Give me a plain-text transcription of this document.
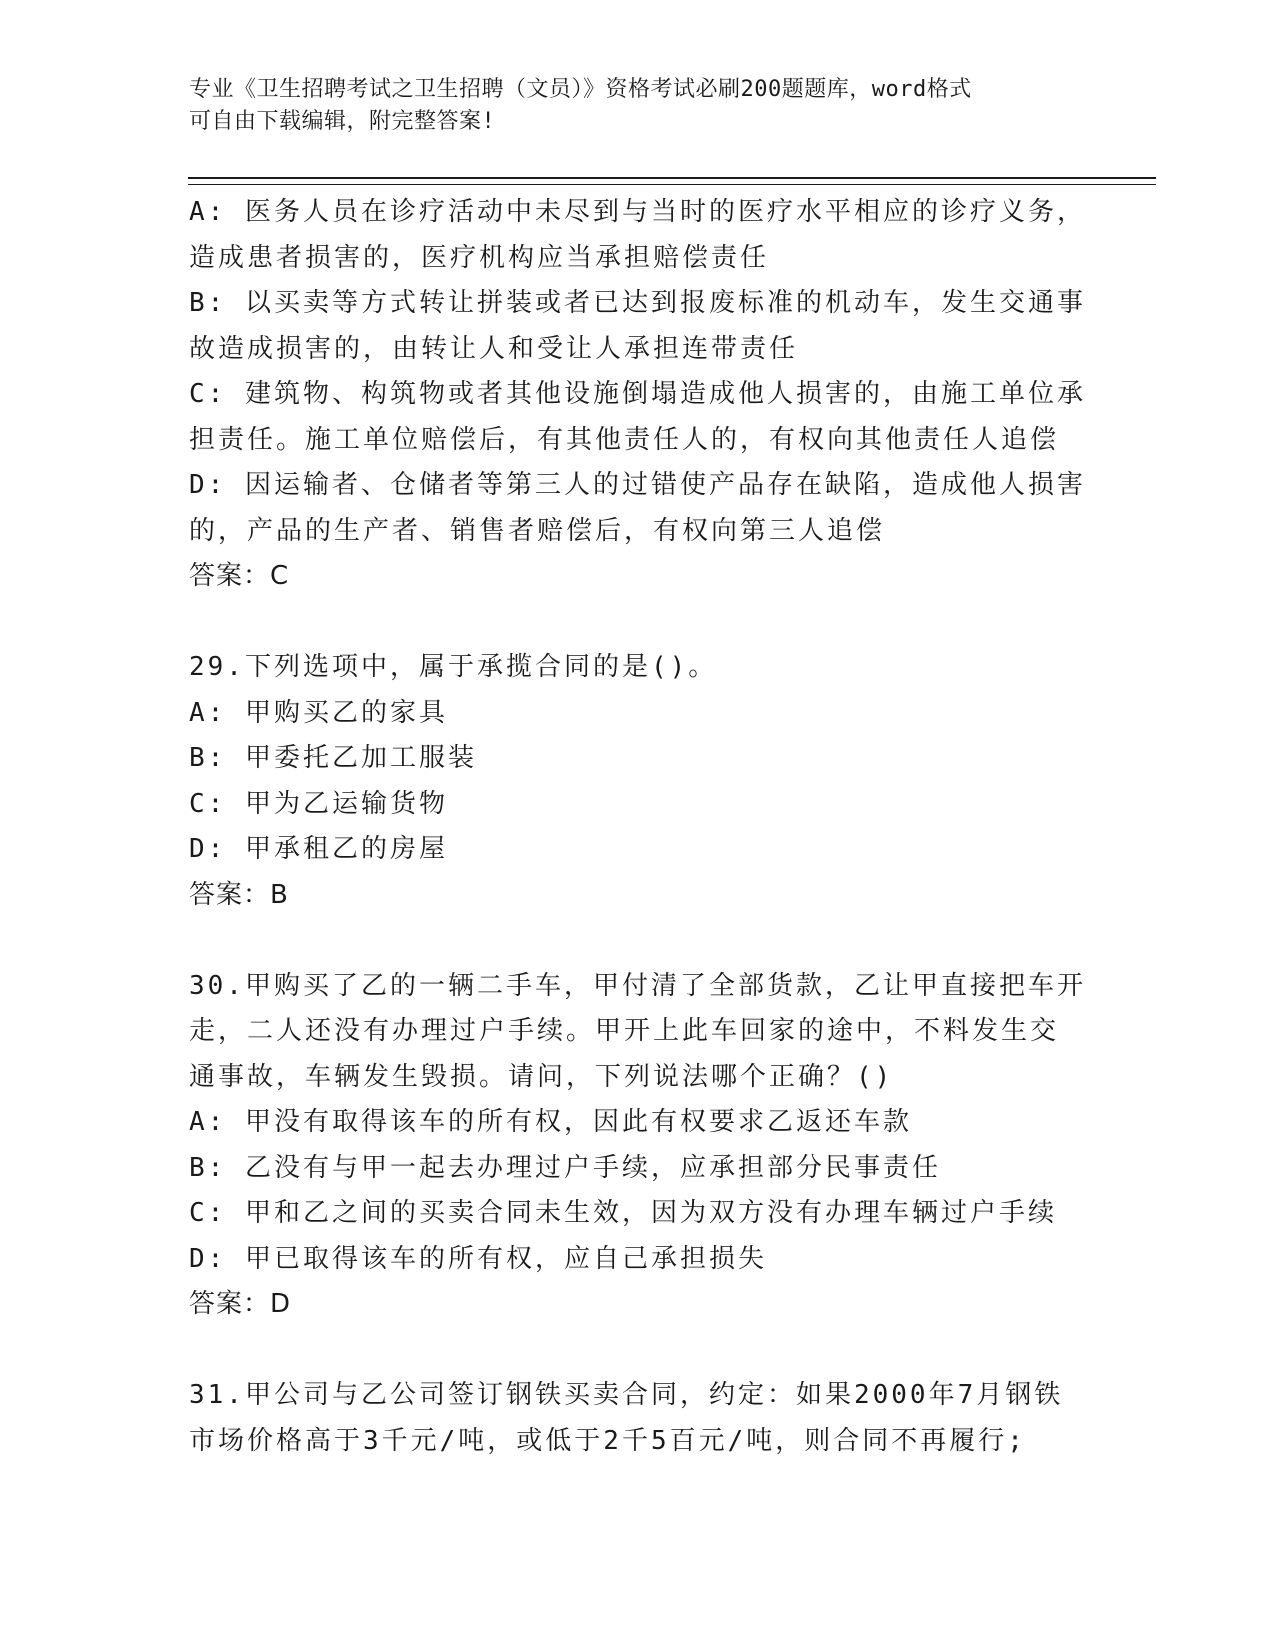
专业《卫生招聘考试之卫生招聘（文员）》资格考试必刷200题题库，word格式
可自由下载编辑，附完整答案!
A: 医务人员在诊疗活动中未尽到与当时的医疗水平相应的诊疗义务，
造成患者损害的，医疗机构应当承担赔偿责任
B: 以买卖等方式转让拼装或者已达到报废标准的机动车，发生交通事
故造成损害的，由转让人和受让人承担连带责任
C: 建筑物、构筑物或者其他设施倒塌造成他人损害的，由施工单位承
担责任。施工单位赔偿后，有其他责任人的，有权向其他责任人追偿
D: 因运输者、仓储者等第三人的过错使产品存在缺陷，造成他人损害
的，产品的生产者、销售者赔偿后，有权向第三人追偿
答案：C
29.下列选项中，属于承揽合同的是()。
A: 甲购买乙的家具
B: 甲委托乙加工服装
C: 甲为乙运输货物
D: 甲承租乙的房屋
答案：B
30.甲购买了乙的一辆二手车，甲付清了全部货款，乙让甲直接把车开
走，二人还没有办理过户手续。甲开上此车回家的途中，不料发生交
通事故，车辆发生毁损。请问，下列说法哪个正确？()
A: 甲没有取得该车的所有权，因此有权要求乙返还车款
B: 乙没有与甲一起去办理过户手续，应承担部分民事责任
C: 甲和乙之间的买卖合同未生效，因为双方没有办理车辆过户手续
D: 甲已取得该车的所有权，应自己承担损失
答案：D
31.甲公司与乙公司签订钢铁买卖合同，约定：如果2000年7月钢铁
市场价格高于3千元/吨，或低于2千5百元/吨，则合同不再履行;
